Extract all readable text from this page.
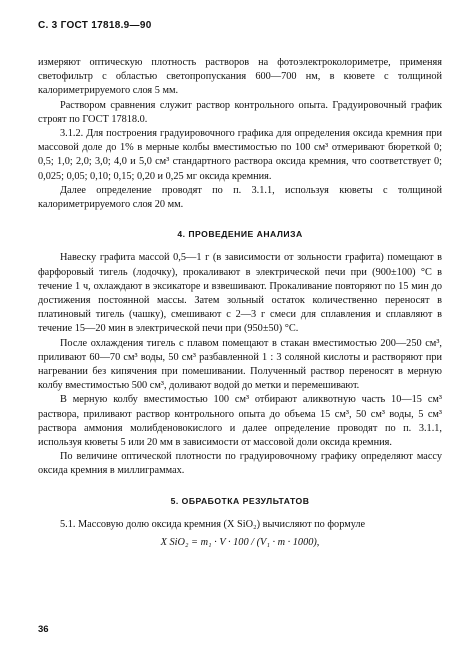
С. 3 ГОСТ 17818.9—90

измеряют оптическую плотность растворов на фотоэлектроколориметре, применяя светофильтр с областью светопропускания 600—700 нм, в кювете с толщиной калориметрируемого слоя 5 мм.

Раствором сравнения служит раствор контрольного опыта. Градуировочный график строят по ГОСТ 17818.0.

3.1.2. Для построения градуировочного графика для определения оксида кремния при массовой доле до 1% в мерные колбы вместимостью по 100 см³ отмеривают бюреткой 0; 0,5; 1,0; 2,0; 3,0; 4,0 и 5,0 см³ стандартного раствора оксида кремния, что соответствует 0; 0,025; 0,05; 0,10; 0,15; 0,20 и 0,25 мг оксида кремния.

Далее определение проводят по п. 3.1.1, используя кюветы с толщиной калориметрируемого слоя 20 мм.

4. ПРОВЕДЕНИЕ АНАЛИЗА

Навеску графита массой 0,5—1 г (в зависимости от зольности графита) помещают в фарфоровый тигель (лодочку), прокаливают в электрической печи при (900±100) °С в течение 1 ч, охлаждают в эксикаторе и взвешивают. Прокаливание повторяют по 15 мин до достижения постоянной массы. Затем зольный остаток количественно переносят в платиновый тигель (чашку), смешивают с 2—3 г смеси для сплавления и сплавляют в течение 15—20 мин в электрической печи при (950±50) °С.

После охлаждения тигель с плавом помещают в стакан вместимостью 200—250 см³, приливают 60—70 см³ воды, 50 см³ разбавленной 1 : 3 соляной кислоты и растворяют при нагревании без кипячения при помешивании. Полученный раствор переносят в мерную колбу вместимостью 500 см³, доливают водой до метки и перемешивают.

В мерную колбу вместимостью 100 см³ отбирают аликвотную часть 10—15 см³ раствора, приливают раствор контрольного опыта до объема 15 см³, 50 см³ воды, 5 см³ раствора аммония молибденовокислого и далее определение проводят по п. 3.1.1, используя кюветы 5 или 20 мм в зависимости от массовой доли оксида кремния.

По величине оптической плотности по градуировочному графику определяют массу оксида кремния в миллиграммах.

5. ОБРАБОТКА РЕЗУЛЬТАТОВ

5.1. Массовую долю оксида кремния (X SiO₂) вычисляют по формуле

X SiO₂ = m₁ · V · 100 / (V₁ · m · 1000),
36
